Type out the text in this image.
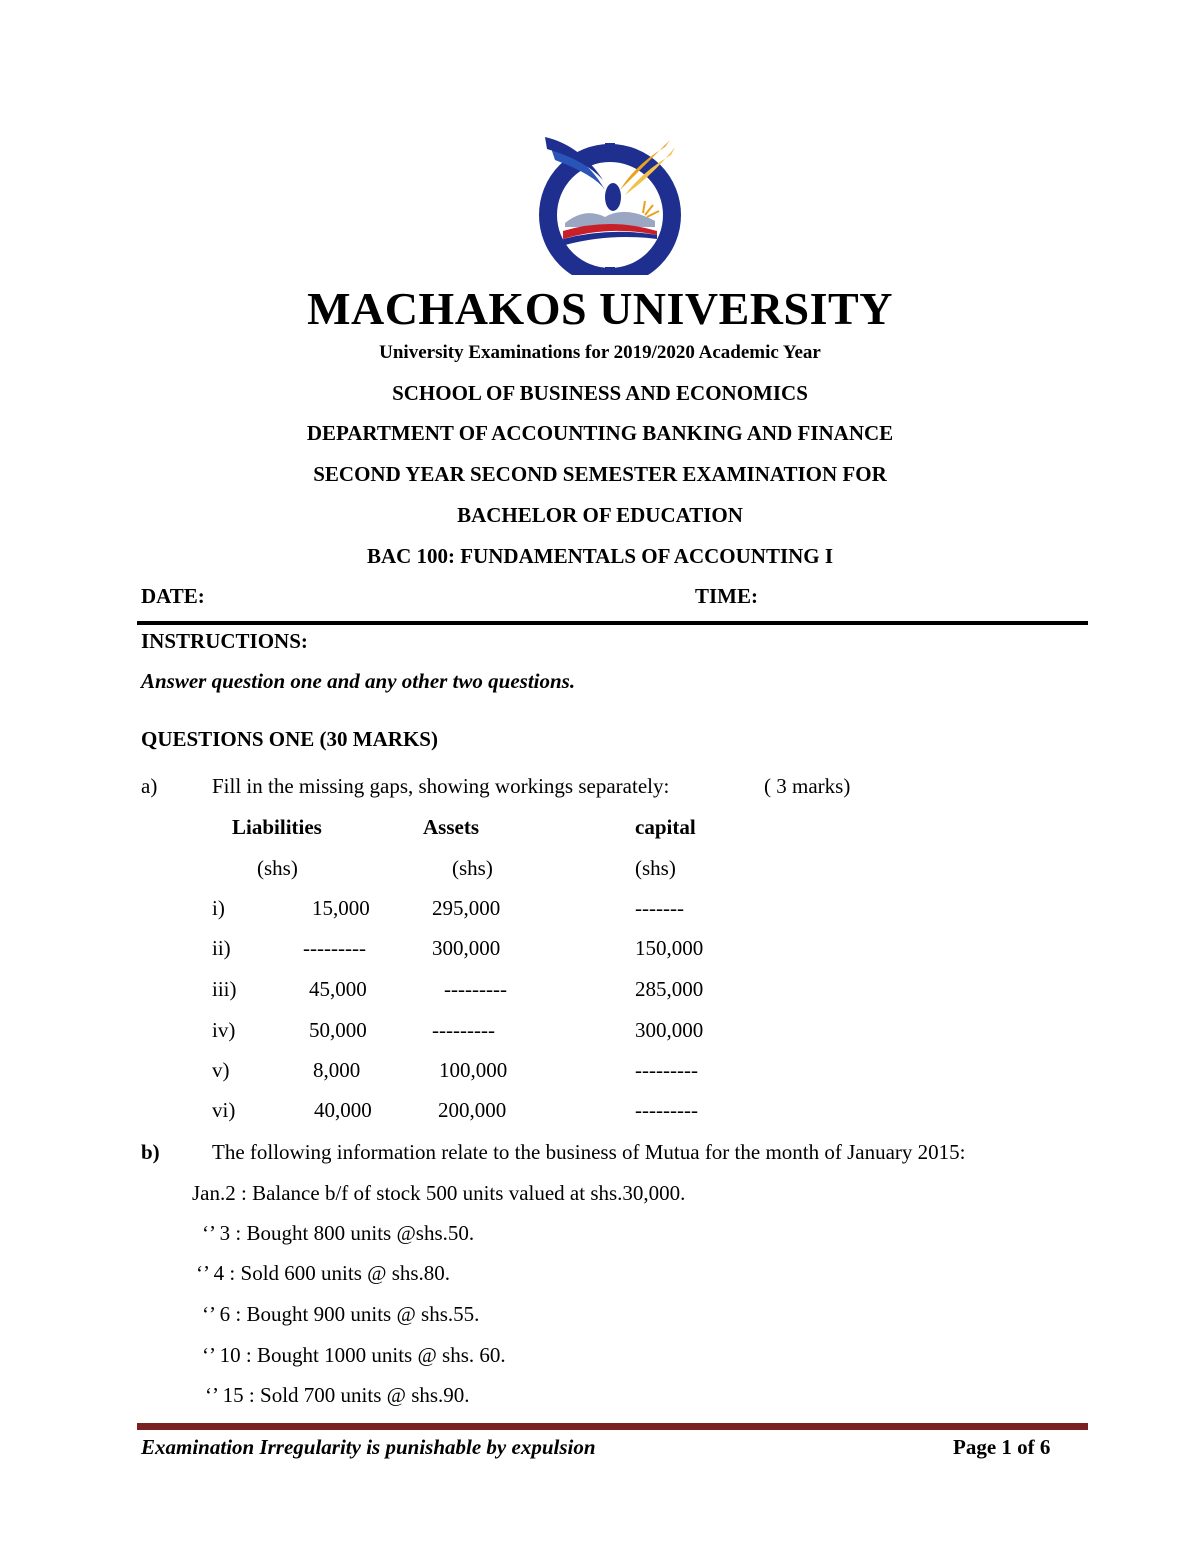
MACHAKOS UNIVERSITY
University Examinations for 2019/2020 Academic Year
SCHOOL OF BUSINESS AND ECONOMICS
DEPARTMENT OF ACCOUNTING BANKING AND FINANCE
SECOND YEAR SECOND SEMESTER EXAMINATION FOR
BACHELOR OF EDUCATION
BAC 100: FUNDAMENTALS OF ACCOUNTING I
DATE:	TIME:
INSTRUCTIONS:
Answer question one and any other two questions.
QUESTIONS ONE (30 MARKS)
a)	Fill in the missing gaps, showing workings separately:	( 3 marks)
Liabilities	Assets	capital
(shs)	(shs)	(shs)
i)	15,000	295,000	-------
ii)	---------	300,000	150,000
iii)	45,000	---------	285,000
iv)	50,000	---------	300,000
v)	8,000	100,000	---------
vi)	40,000	200,000	---------
b) The following information relate to the business of Mutua for the month of January 2015:
Jan.2 : Balance b/f of stock 500 units valued at shs.30,000.
‘’ 3 : Bought 800 units @shs.50.
‘’ 4 : Sold 600 units @ shs.80.
‘’ 6 : Bought 900 units @ shs.55.
‘’ 10 : Bought 1000 units @ shs. 60.
‘’ 15 : Sold 700 units @ shs.90.
Examination Irregularity is punishable by expulsion	Page 1 of 6
